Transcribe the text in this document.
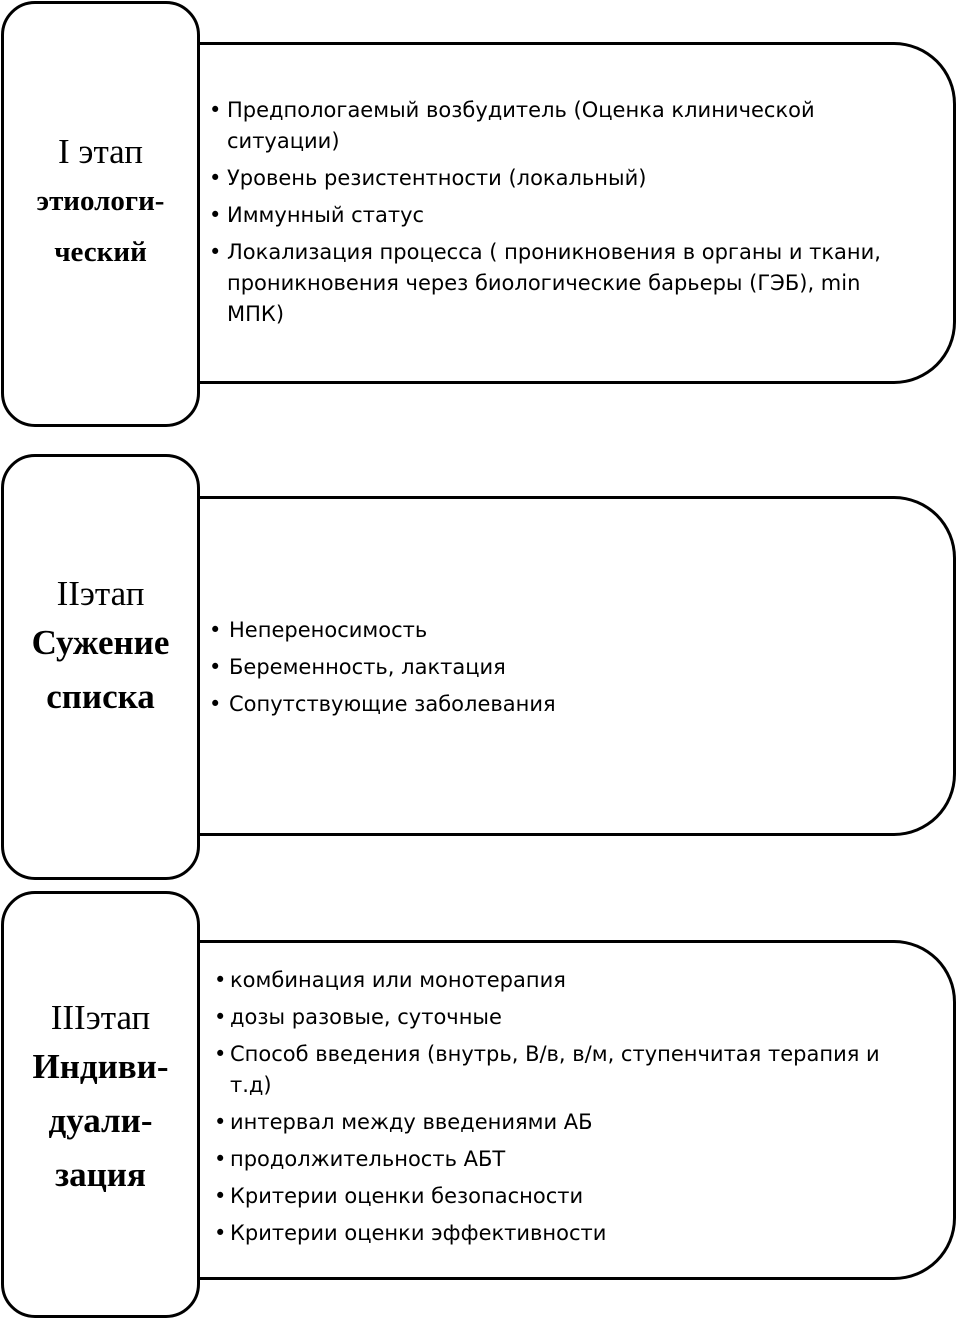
• Предпологаемый возбудитель (Оценка клинической ситуации)
• Уровень резистентности (локальный)
• Иммунный статус
• Локализация процесса ( проникновения в органы и ткани, проникновения через биологические барьеры (ГЭБ), min МПК)
I этап
этиологи-
ческий
• Непереносимость
• Беременность, лактация
• Сопутствующие заболевания
IIэтап
Сужение
списка
• комбинация или монотерапия
• дозы разовые, суточные
• Способ введения (внутрь, В/в, в/м, ступенчитая терапия и т.д)
• интервал между введениями АБ
• продолжительность АБТ
• Критерии оценки безопасности
• Критерии оценки эффективности
IIIэтап
Индиви-
дуали-
зация
